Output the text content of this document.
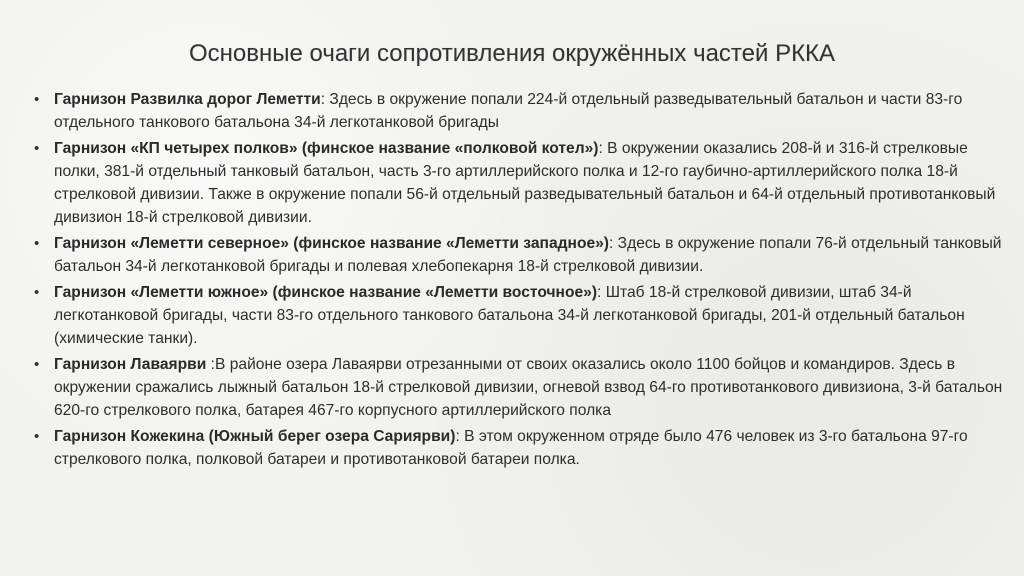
Основные очаги сопротивления окружённых частей РККА
• Гарнизон Развилка дорог Леметти: Здесь в окружение попали 224-й отдельный разведывательный батальон и части 83-го отдельного танкового батальона 34-й легкотанковой бригады
• Гарнизон «КП четырех полков» (финское название «полковой котел»): В окружении оказались 208-й и 316-й стрелковые полки, 381-й отдельный танковый батальон, часть 3-го артиллерийского полка и 12-го гаубично-артиллерийского полка 18-й стрелковой дивизии. Также в окружение попали 56-й отдельный разведывательный батальон и 64-й отдельный противотанковый дивизион 18-й стрелковой дивизии.
• Гарнизон «Леметти северное» (финское название «Леметти западное»): Здесь в окружение попали 76-й отдельный танковый батальон 34-й легкотанковой бригады и полевая хлебопекарня 18-й стрелковой дивизии.
• Гарнизон «Леметти южное» (финское название «Леметти восточное»): Штаб 18-й стрелковой дивизии, штаб 34-й легкотанковой бригады, части 83-го отдельного танкового батальона 34-й легкотанковой бригады, 201-й отдельный батальон (химические танки).
• Гарнизон Лаваярви :В районе озера Лаваярви отрезанными от своих оказались около 1100 бойцов и командиров. Здесь в окружении сражались лыжный батальон 18-й стрелковой дивизии, огневой взвод 64-го противотанкового дивизиона, 3-й батальон 620-го стрелкового полка, батарея 467-го корпусного артиллерийского полка
• Гарнизон Кожекина (Южный берег озера Сариярви): В этом окруженном отряде было 476 человек из 3-го батальона 97-го стрелкового полка, полковой батареи и противотанковой батареи полка.
